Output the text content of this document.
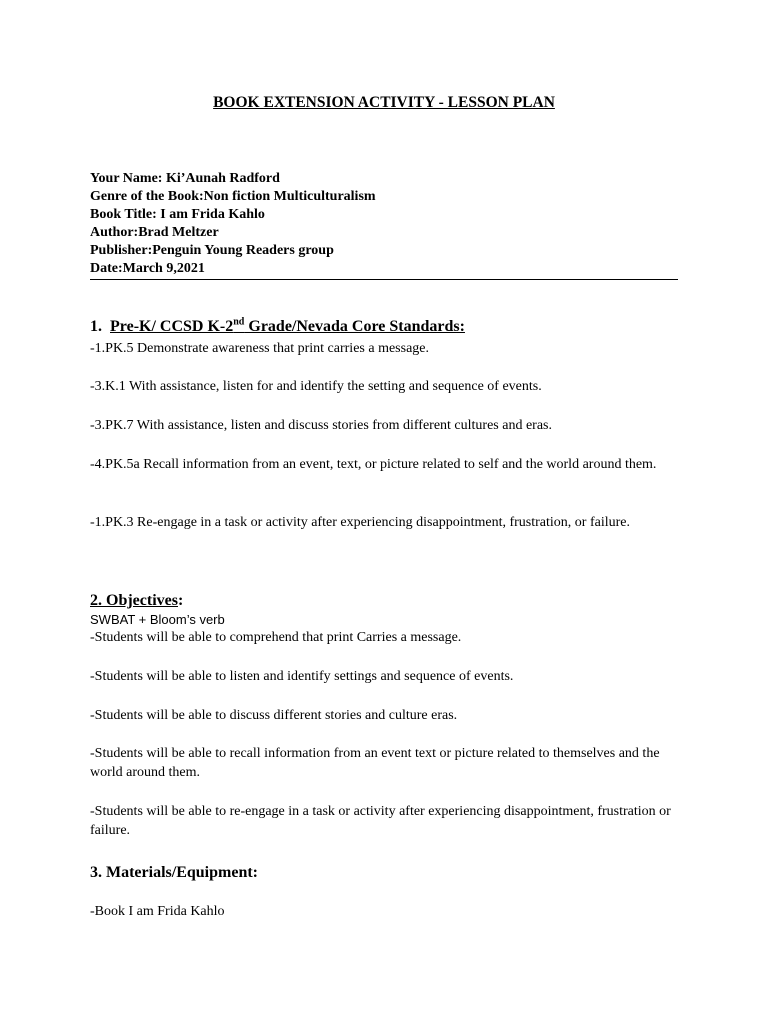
BOOK EXTENSION ACTIVITY - LESSON PLAN
Your Name: Ki’Aunah Radford
Genre of the Book:Non fiction Multiculturalism
Book Title: I am Frida Kahlo
Author:Brad Meltzer
Publisher:Penguin Young Readers group
Date:March 9,2021
1. Pre-K/ CCSD K-2nd Grade/Nevada Core Standards:
-1.PK.5 Demonstrate awareness that print carries a message.
-3.K.1 With assistance, listen for and identify the setting and sequence of events.
-3.PK.7 With assistance, listen and discuss stories from different cultures and eras.
-4.PK.5a Recall information from an event, text, or picture related to self and the world around them.
-1.PK.3 Re-engage in a task or activity after experiencing disappointment, frustration, or failure.
2. Objectives:
SWBAT + Bloom’s verb
-Students will be able to comprehend that print Carries a message.
-Students will be able to listen and identify settings and sequence of events.
-Students will be able to discuss different stories and culture eras.
-Students will be able to recall information from an event text or picture related to themselves and the world around them.
-Students will be able to re-engage in a task or activity after experiencing disappointment, frustration or failure.
3. Materials/Equipment:
-Book I am Frida Kahlo
